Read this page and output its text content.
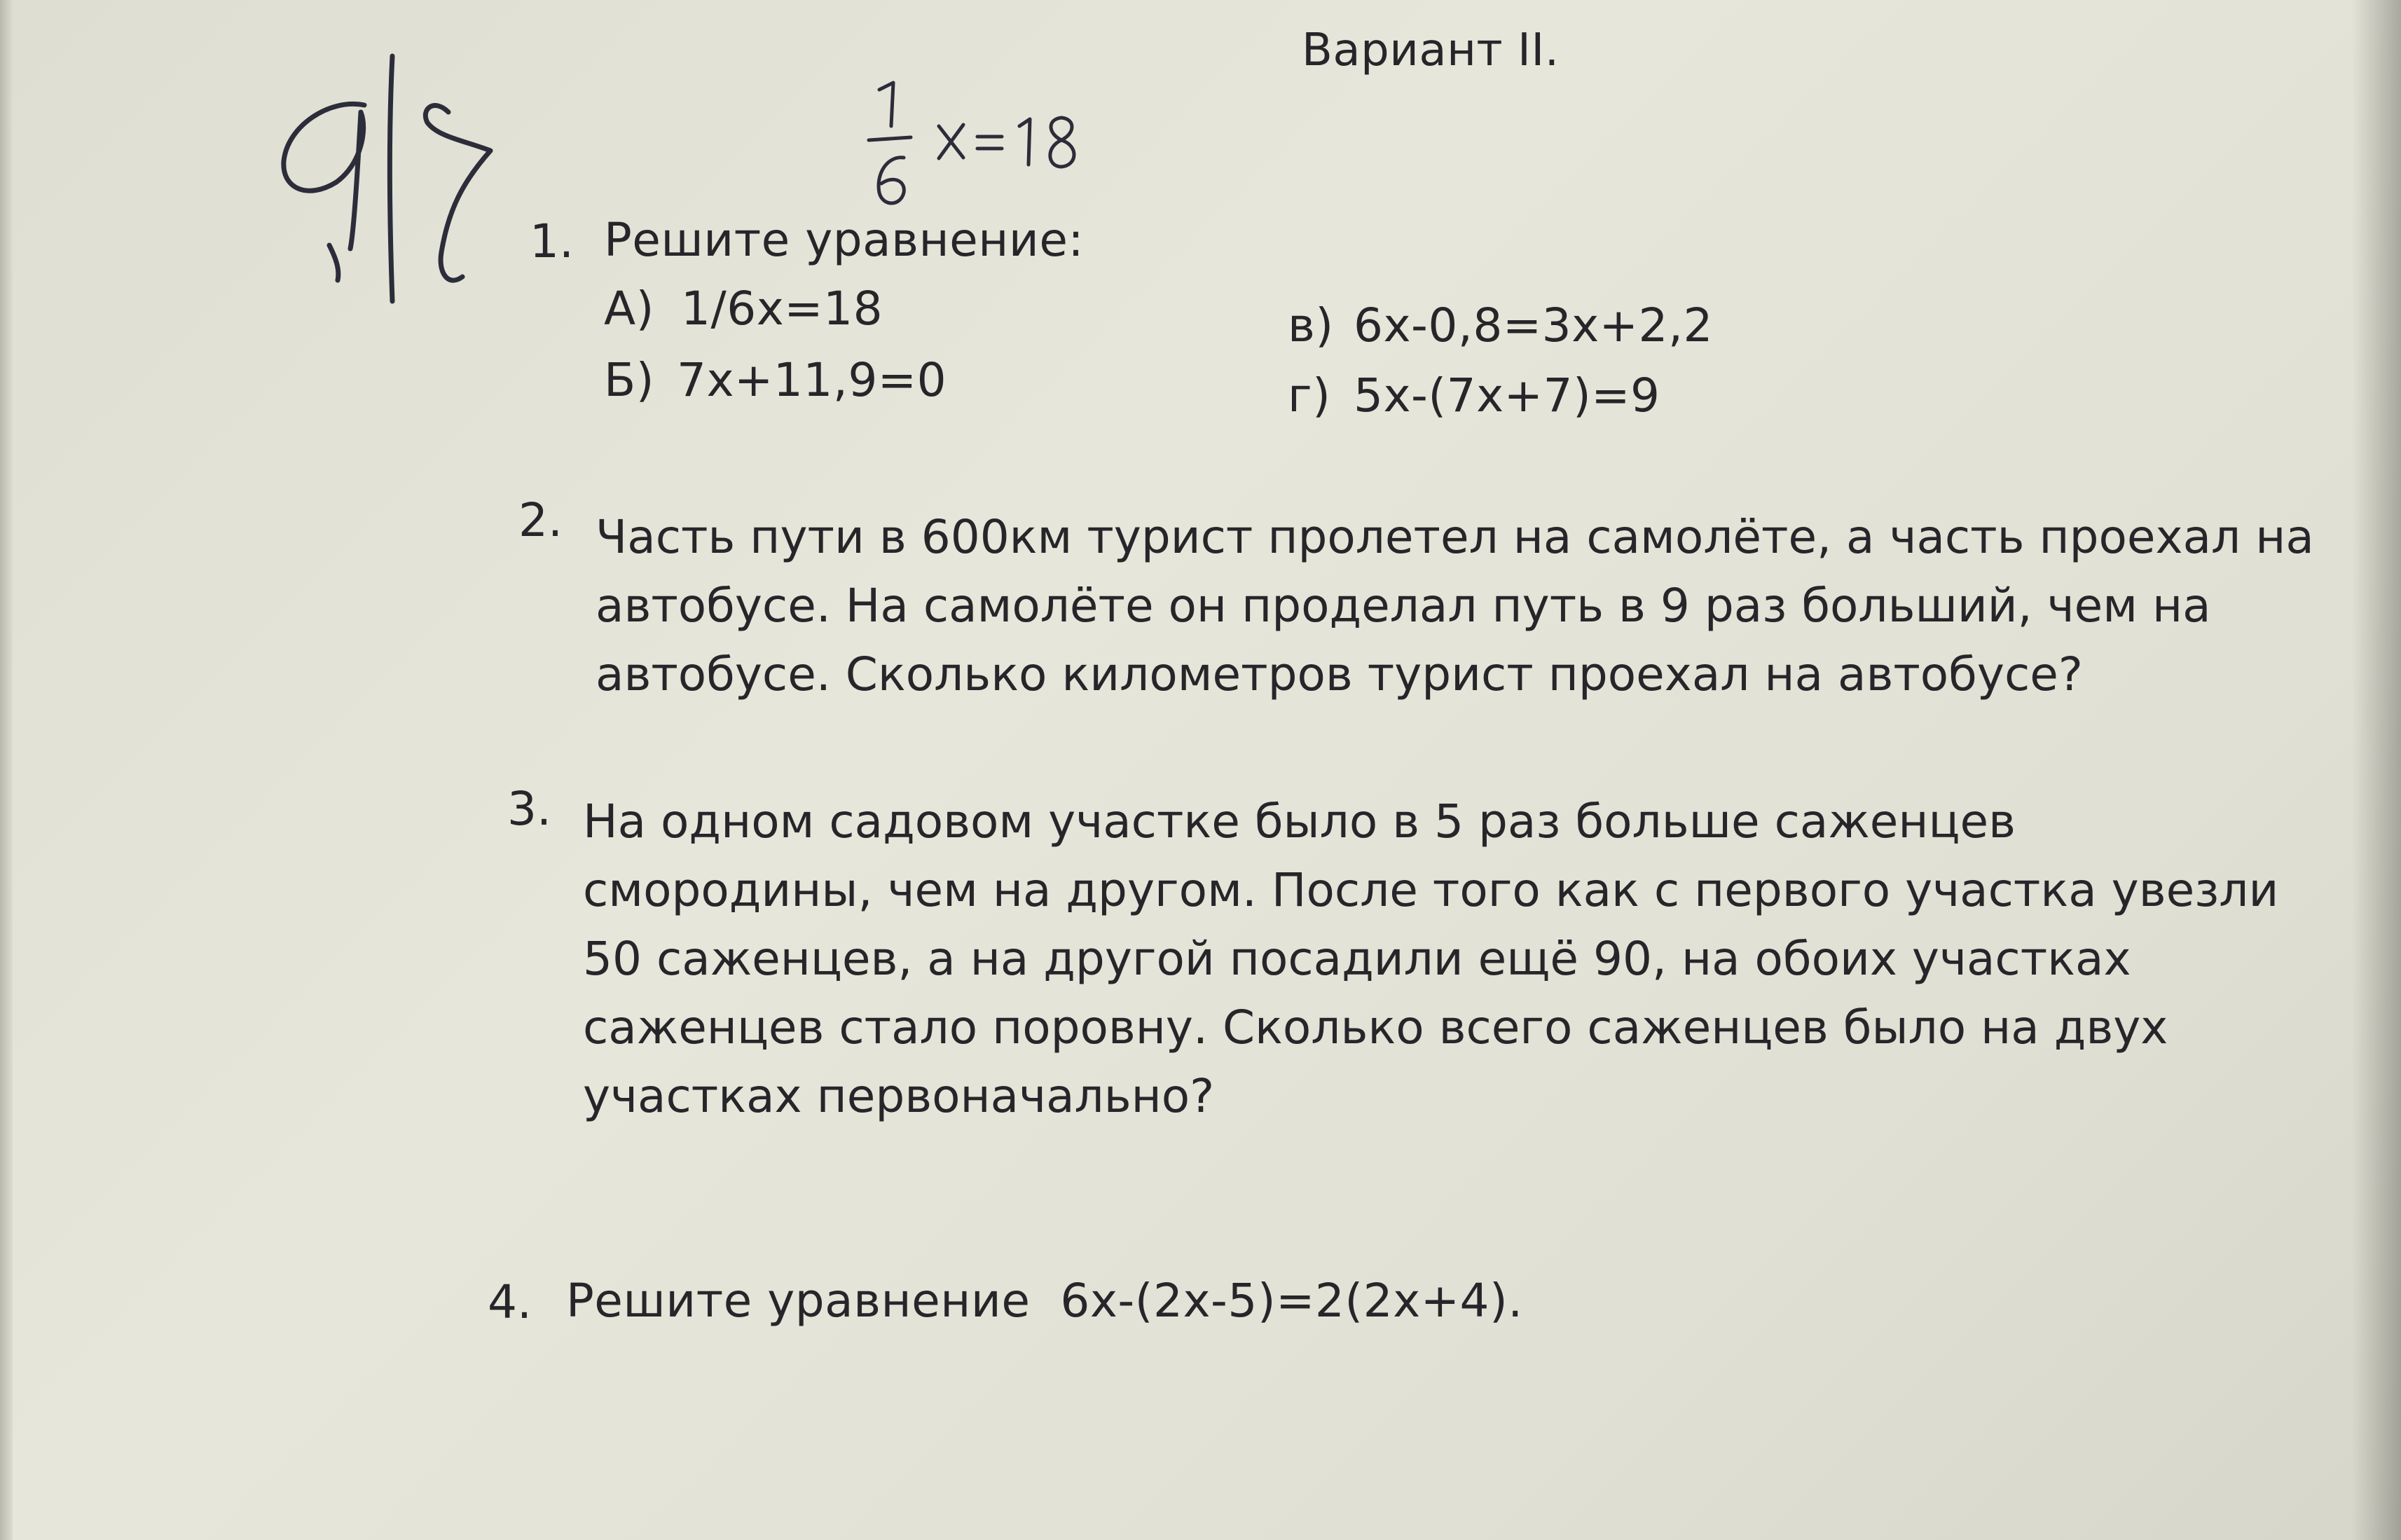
Вариант II.
1. Решите уравнение:
А) 1/6x=18
Б) 7x+11,9=0
в) 6x-0,8=3x+2,2
г) 5x-(7x+7)=9
2. Часть пути в 600км турист пролетел на самолёте, а часть проехал на
автобусе. На самолёте он проделал путь в 9 раз больший, чем на
автобусе. Сколько километров турист проехал на автобусе?
3. На одном садовом участке было в 5 раз больше саженцев
смородины, чем на другом. После того как с первого участка увезли
50 саженцев, а на другой посадили ещё 90, на обоих участках
саженцев стало поровну. Сколько всего саженцев было на двух
участках первоначально?
4. Решите уравнение  6x-(2x-5)=2(2x+4).
